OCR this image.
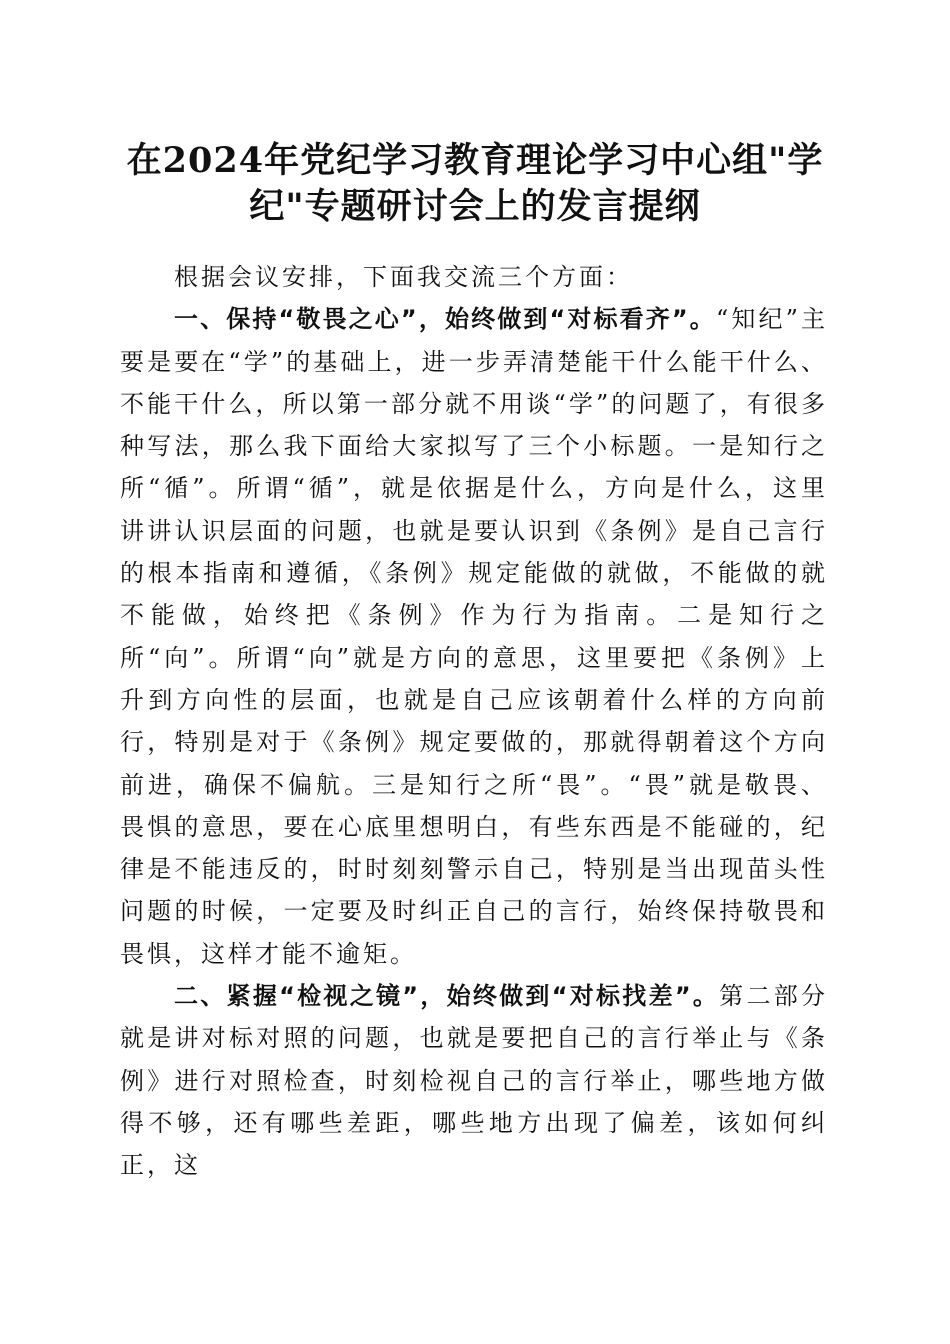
在2024年党纪学习教育理论学习中心组"学纪"专题研讨会上的发言提纲

根据会议安排，下面我交流三个方面：

一、保持“敬畏之心”，始终做到“对标看齐”。“知纪”主要是要在“学”的基础上，进一步弄清楚能干什么能干什么、不能干什么，所以第一部分就不用谈“学”的问题了，有很多种写法，那么我下面给大家拟写了三个小标题。一是知行之所“循”。所谓“循”，就是依据是什么，方向是什么，这里讲讲认识层面的问题，也就是要认识到《条例》是自己言行的根本指南和遵循，《条例》规定能做的就做，不能做的就不能做，始终把《条例》作为行为指南。二是知行之所“向”。所谓“向”就是方向的意思，这里要把《条例》上升到方向性的层面，也就是自己应该朝着什么样的方向前行，特别是对于《条例》规定要做的，那就得朝着这个方向前进，确保不偏航。三是知行之所“畏”。“畏”就是敬畏、畏惧的意思，要在心底里想明白，有些东西是不能碰的，纪律是不能违反的，时时刻刻警示自己，特别是当出现苗头性问题的时候，一定要及时纠正自己的言行，始终保持敬畏和畏惧，这样才能不逾矩。

二、紧握“检视之镜”，始终做到“对标找差”。第二部分就是讲对标对照的问题，也就是要把自己的言行举止与《条例》进行对照检查，时刻检视自己的言行举止，哪些地方做得不够，还有哪些差距，哪些地方出现了偏差，该如何纠正，这
